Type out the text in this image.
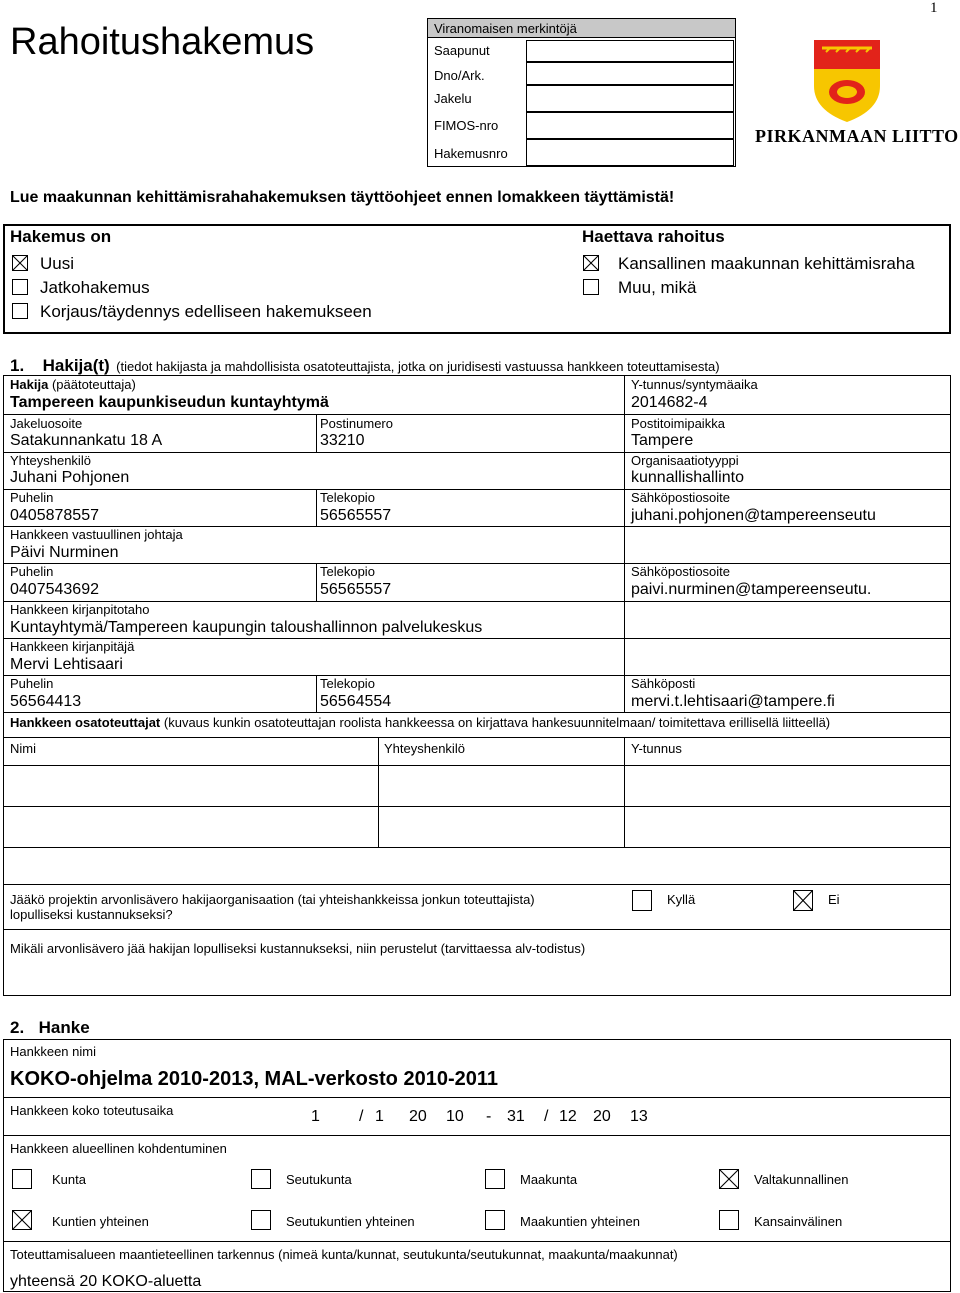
1
Rahoitushakemus	Viranomaisen merkintöjä
Saapunut
Dno/Ark.
Jakelu
FIMOS-nro
Hakemusnro
PIRKANMAAN LIITTO
Lue maakunnan kehittämisrahahakemuksen täyttöohjeet ennen lomakkeen täyttämistä!
Hakemus on	Haettava rahoitus
Uusi
Jatkohakemus
Korjaus/täydennys edelliseen hakemukseen
Kansallinen maakunnan kehittämisraha
Muu, mikä
1. Hakija(t) (tiedot hakijasta ja mahdollisista osatoteuttajista, jotka on juridisesti vastuussa hankkeen toteuttamisesta)
Hakija (päätoteuttaja)
Tampereen kaupunkiseudun kuntayhtymä
Y-tunnus/syntymäaika
2014682-4
Jakeluosoite
Satakunnankatu 18 A
Postinumero
33210
Postitoimipaikka
Tampere
Yhteyshenkilö
Juhani Pohjonen
Organisaatiotyyppi
kunnallishallinto
Puhelin
0405878557
Telekopio
56565557
Sähköpostiosoite
juhani.pohjonen@tampereenseutu
Hankkeen vastuullinen johtaja
Päivi Nurminen
Puhelin
0407543692
Telekopio
56565557
Sähköpostiosoite
paivi.nurminen@tampereenseutu.
Hankkeen kirjanpitotaho
Kuntayhtymä/Tampereen kaupungin taloushallinnon palvelukeskus
Hankkeen kirjanpitäjä
Mervi Lehtisaari
Puhelin
56564413
Telekopio
56564554
Sähköposti
mervi.t.lehtisaari@tampere.fi
Hankkeen osatoteuttajat (kuvaus kunkin osatoteuttajan roolista hankkeessa on kirjattava hankesuunnitelmaan/ toimitettava erillisellä liitteellä)
Nimi	Yhteyshenkilö	Y-tunnus
Jääkö projektin arvonlisävero hakijaorganisaation (tai yhteishankkeissa jonkun toteuttajista)
lopulliseksi kustannukseksi?
Kyllä	Ei
Mikäli arvonlisävero jää hakijan lopulliseksi kustannukseksi, niin perustelut (tarvittaessa alv-todistus)
2. Hanke
Hankkeen nimi
KOKO-ohjelma 2010-2013, MAL-verkosto 2010-2011
Hankkeen koko toteutusaika	1 / 1 20 10 - 31 / 12 20 13
Hankkeen alueellinen kohdentuminen
Kunta	Seutukunta	Maakunta	Valtakunnallinen
Kuntien yhteinen	Seutukuntien yhteinen	Maakuntien yhteinen	Kansainvälinen
Toteuttamisalueen maantieteellinen tarkennus (nimeä kunta/kunnat, seutukunta/seutukunnat, maakunta/maakunnat)
yhteensä 20 KOKO-aluetta
